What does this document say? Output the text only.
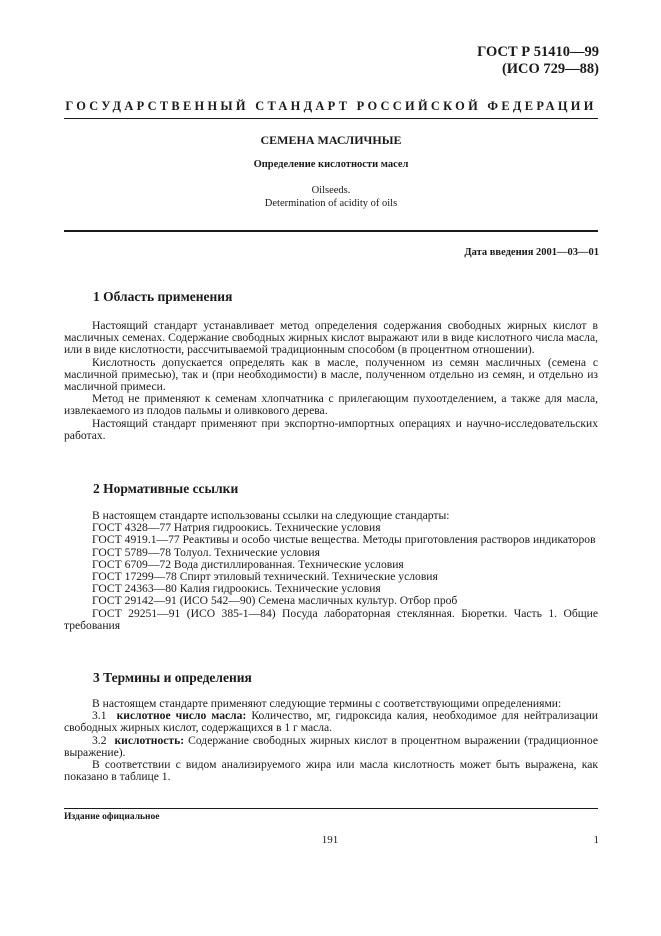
ГОСТ Р 51410—99
(ИСО 729—88)
ГОСУДАРСТВЕННЫЙ СТАНДАРТ РОССИЙСКОЙ ФЕДЕРАЦИИ
СЕМЕНА МАСЛИЧНЫЕ
Определение кислотности масел
Oilseeds.
Determination of acidity of oils
Дата введения 2001—03—01
1 Область применения

Настоящий стандарт устанавливает метод определения содержания свободных жирных кислот в масличных семенах. Содержание свободных жирных кислот выражают или в виде кислотного числа масла, или в виде кислотности, рассчитываемой традиционным способом (в процентном отношении).

Кислотность допускается определять как в масле, полученном из семян масличных (семена с масличной примесью), так и (при необходимости) в масле, полученном отдельно из семян, и отдельно из масличной примеси.

Метод не применяют к семенам хлопчатника с прилегающим пухоотделением, а также для масла, извлекаемого из плодов пальмы и оливкового дерева.

Настоящий стандарт применяют при экспортно-импортных операциях и научно-исследовательских работах.

2 Нормативные ссылки

В настоящем стандарте использованы ссылки на следующие стандарты:

ГОСТ 4328—77 Натрия гидроокись. Технические условия

ГОСТ 4919.1—77 Реактивы и особо чистые вещества. Методы приготовления растворов индикаторов

ГОСТ 5789—78 Толуол. Технические условия

ГОСТ 6709—72 Вода дистиллированная. Технические условия

ГОСТ 17299—78 Спирт этиловый технический. Технические условия

ГОСТ 24363—80 Калия гидроокись. Технические условия

ГОСТ 29142—91 (ИСО 542—90) Семена масличных культур. Отбор проб

ГОСТ 29251—91 (ИСО 385-1—84) Посуда лабораторная стеклянная. Бюретки. Часть 1. Общие требования

3 Термины и определения

В настоящем стандарте применяют следующие термины с соответствующими определениями:

3.1 кислотное число масла: Количество, мг, гидроксида калия, необходимое для нейтрализации свободных жирных кислот, содержащихся в 1 г масла.

3.2 кислотность: Содержание свободных жирных кислот в процентном выражении (традиционное выражение).

В соответствии с видом анализируемого жира или масла кислотность может быть выражена, как показано в таблице 1.

Издание официальное
191	1
